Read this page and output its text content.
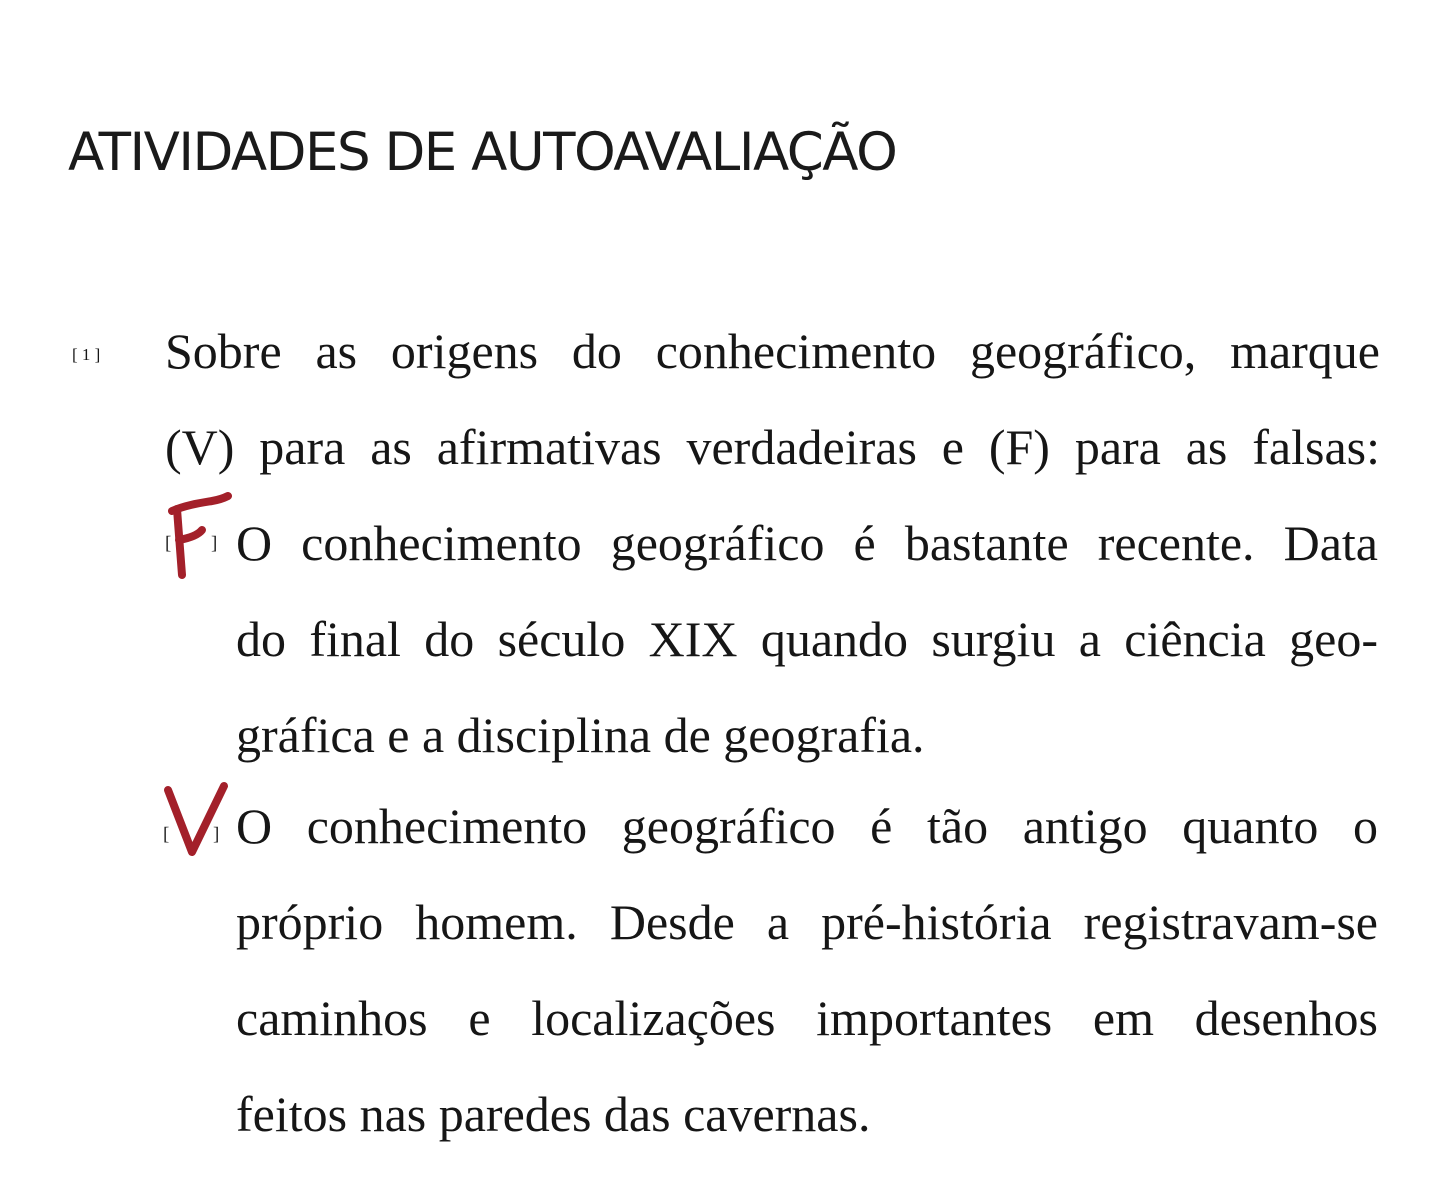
ATIVIDADES DE AUTOAVALIAÇÃO
[ 1 ] Sobre as origens do conhecimento geográfico, marque
(V) para as afirmativas verdadeiras e (F) para as falsas:
[ ] O conhecimento geográfico é bastante recente. Data
do final do século XIX quando surgiu a ciência geo-
gráfica e a disciplina de geografia.
[ ] O conhecimento geográfico é tão antigo quanto o
próprio homem. Desde a pré-história registravam-se
caminhos e localizações importantes em desenhos
feitos nas paredes das cavernas.
